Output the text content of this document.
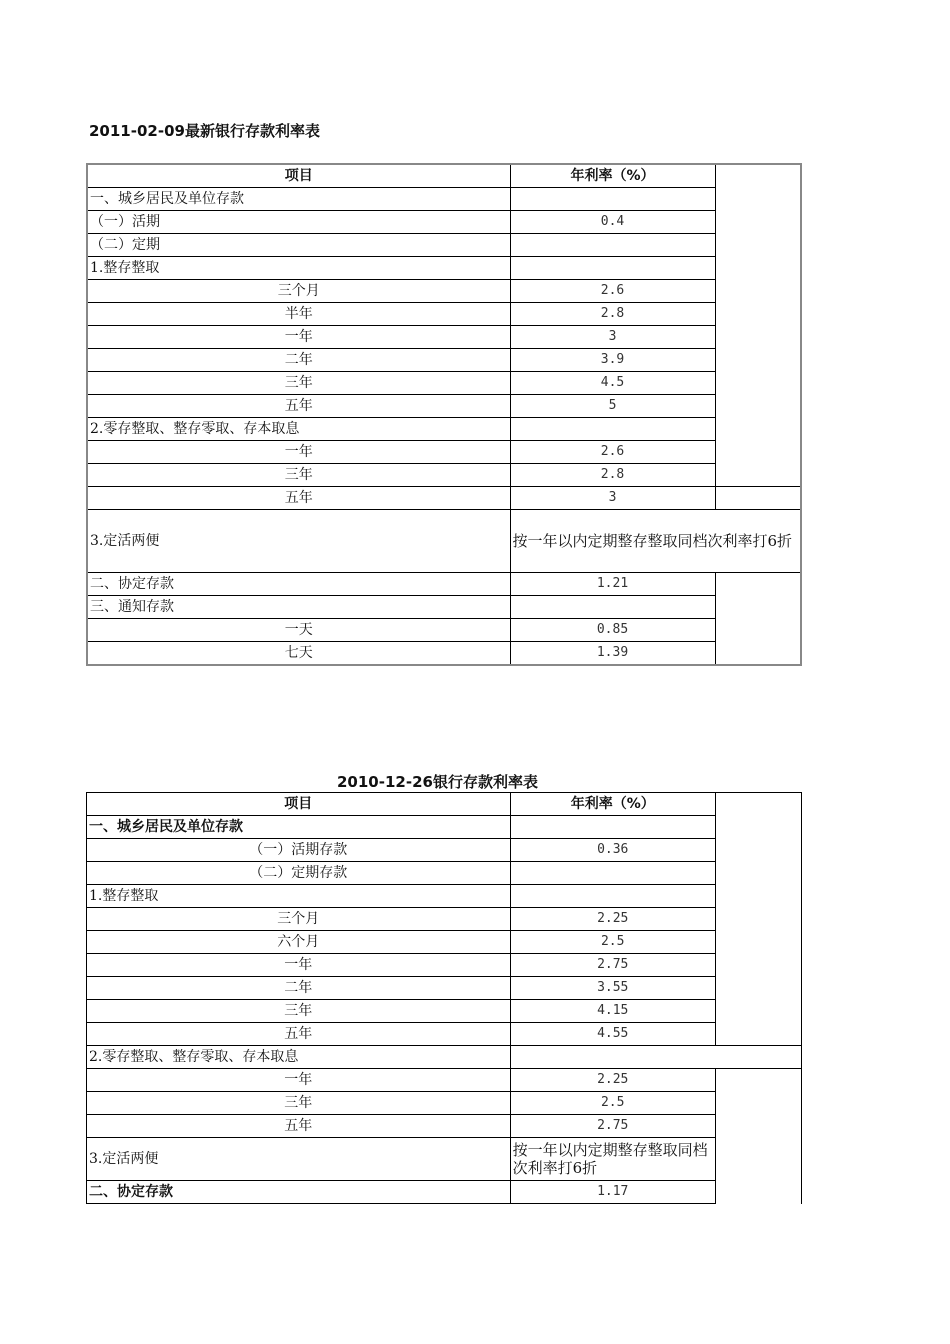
2011-02-09最新银行存款利率表
项目	年利率（%）	
一、城乡居民及单位存款		
（一）活期	0.4	
（二）定期		
1.整存整取		
三个月	2.6	
半年	2.8	
一年	3	
二年	3.9	
三年	4.5	
五年	5	
2.零存整取、整存零取、存本取息		
一年	2.6	
三年	2.8	
五年	3	
3.定活两便	按一年以内定期整存整取同档次利率打6折	
二、协定存款	1.21	
三、通知存款		
一天	0.85	
七天	1.39	
2010-12-26银行存款利率表
项目	年利率（%）	
一、城乡居民及单位存款		
（一）活期存款	0.36	
（二）定期存款		
1.整存整取		
三个月	2.25	
六个月	2.5	
一年	2.75	
二年	3.55	
三年	4.15	
五年	4.55	
2.零存整取、整存零取、存本取息		
一年	2.25	
三年	2.5	
五年	2.75	
3.定活两便	按一年以内定期整存整取同档次利率打6折	
二、协定存款	1.17	
